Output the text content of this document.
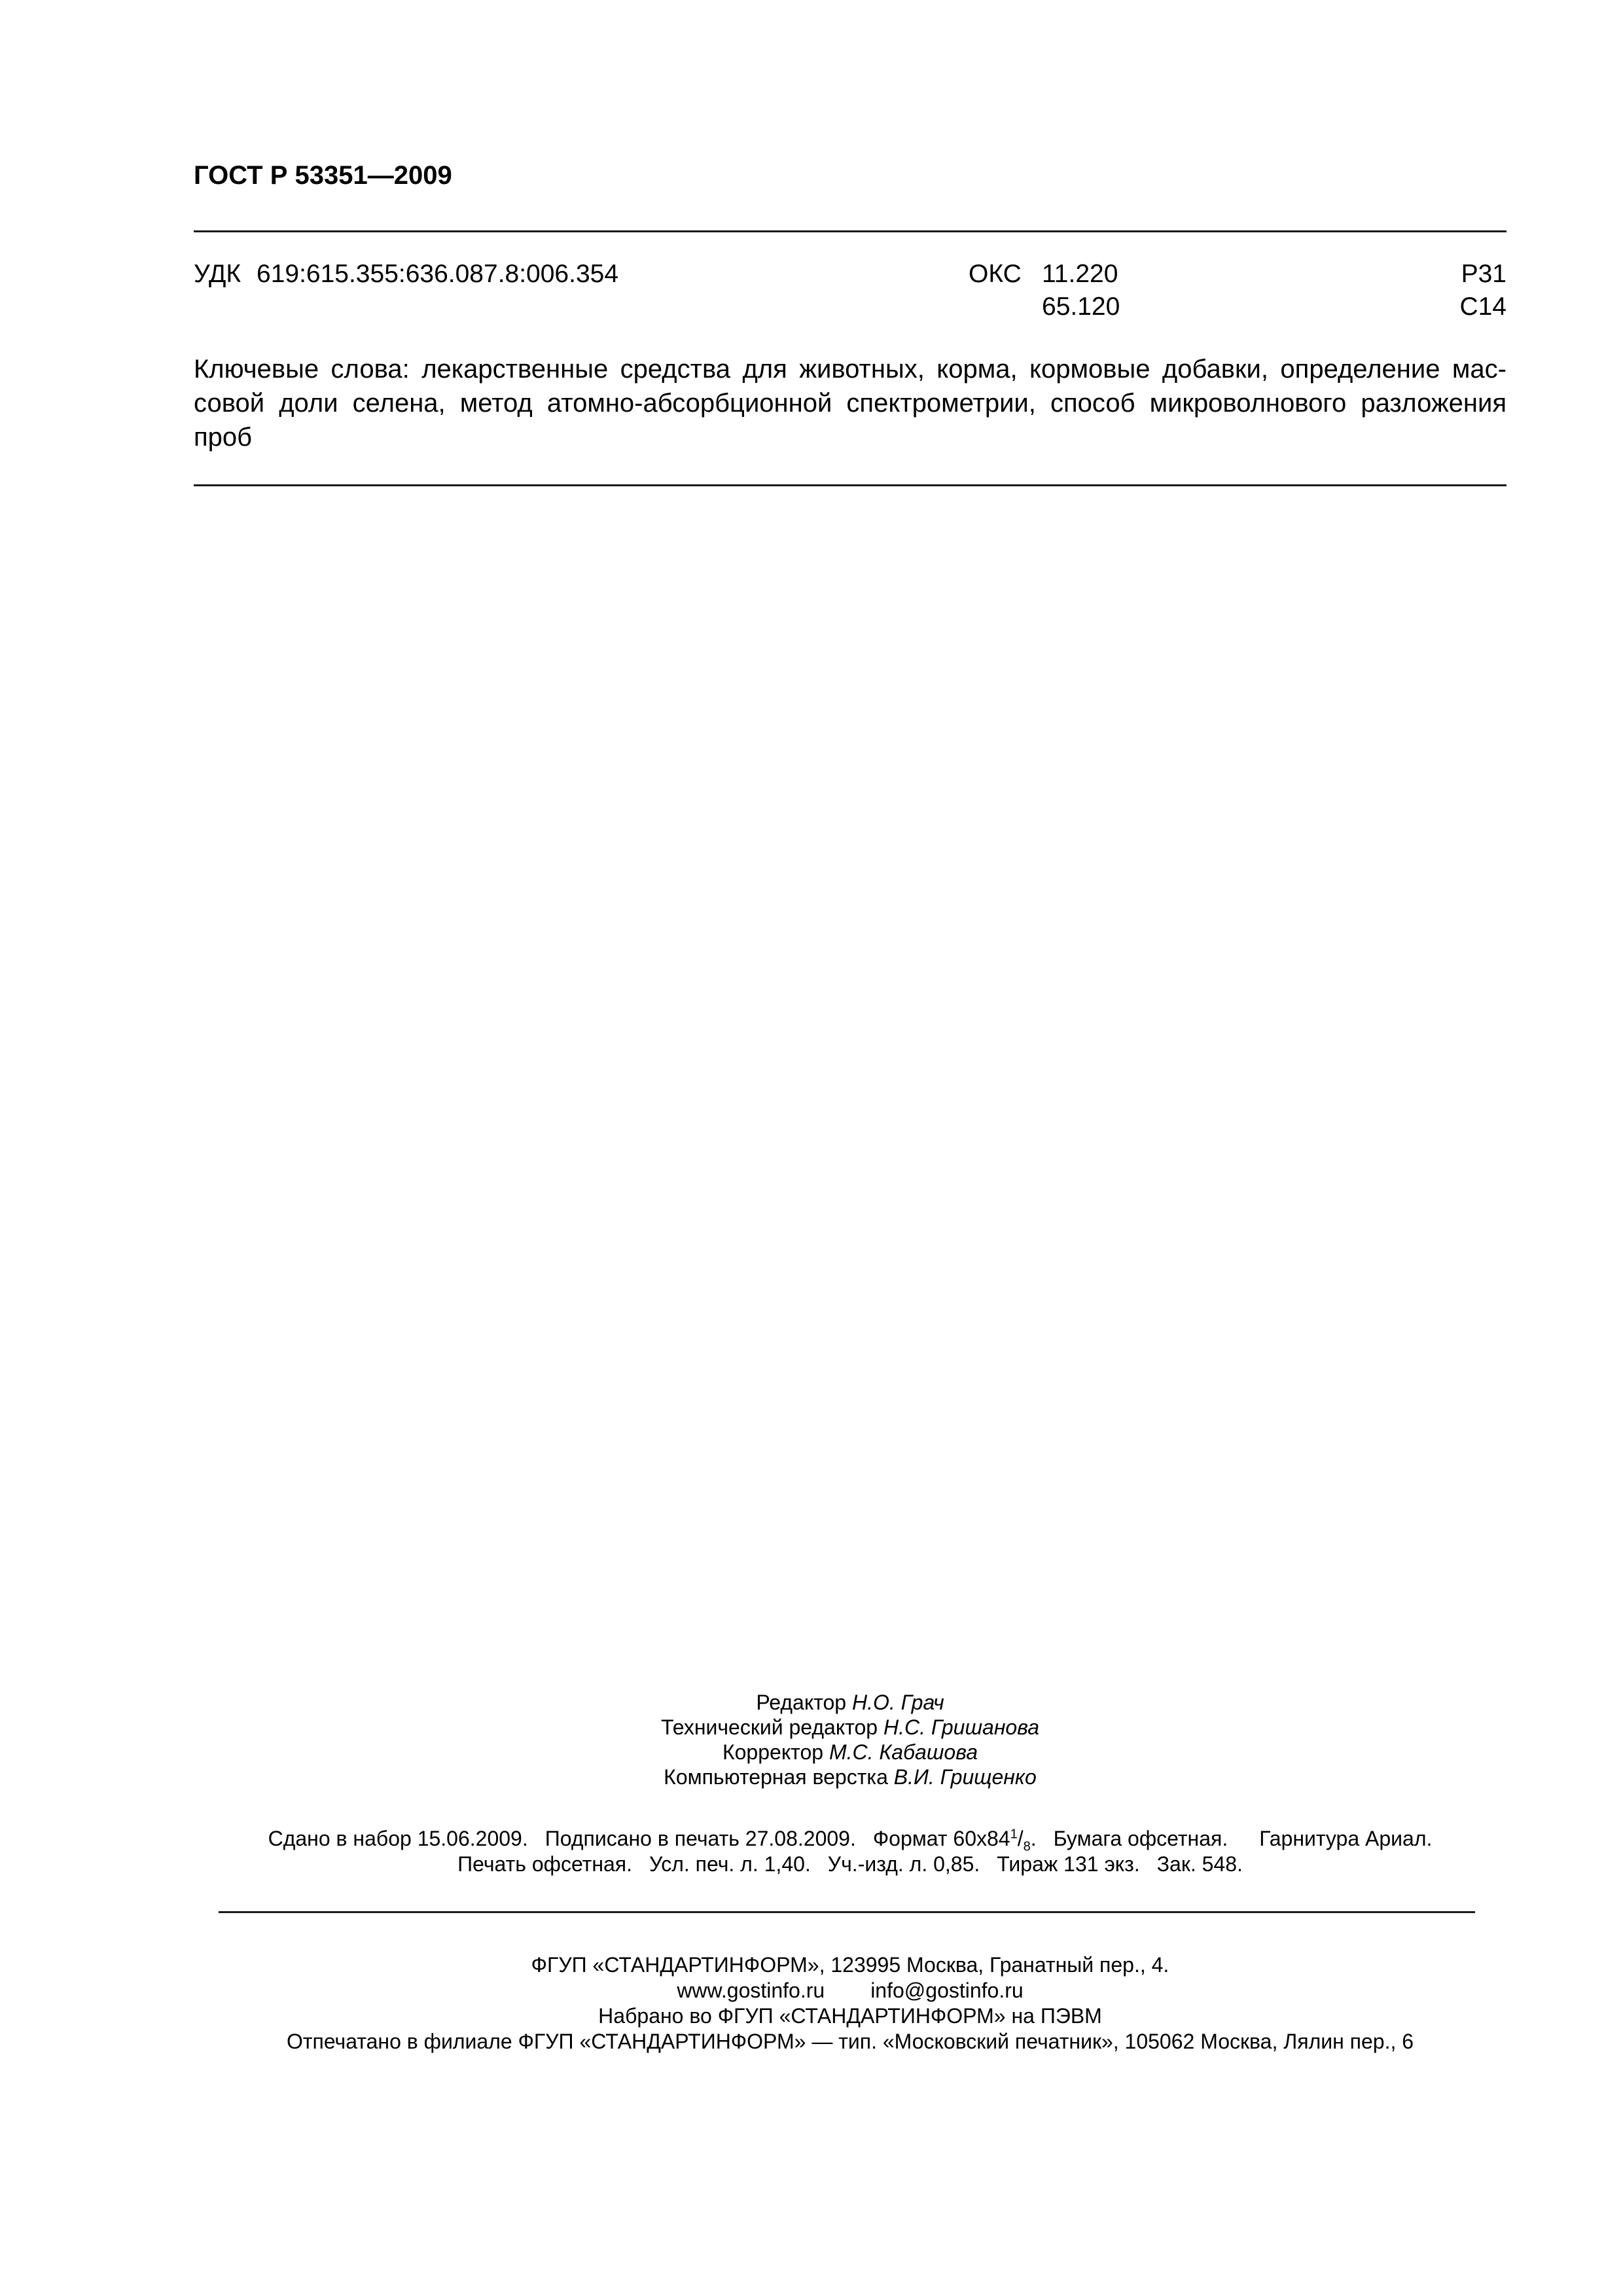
ГОСТ Р 53351—2009
УДК 619:615.355:636.087.8:006.354	ОКС 11.220
65.120
Р31
С14
Ключевые слова: лекарственные средства для животных, корма, кормовые добавки, определение мас-
совой доли селена, метод атомно-абсорбционной спектрометрии, способ микроволнового разложения
проб
Редактор Н.О. Грач
Технический редактор Н.С. Гришанова
Корректор М.С. Кабашова
Компьютерная верстка В.И. Грищенко
Сдано в набор 15.06.2009. Подписано в печать 27.08.2009. Формат $60x84^1/_8$. Бумага офсетная. Гарнитура Ариал.
Печать офсетная. Усл. печ. л. 1,40. Уч.-изд. л. 0,85. Тираж 131 экз. Зак. 548.
ФГУП «СТАНДАРТИНФОРМ», 123995 Москва, Гранатный пер., 4.
www.gostinfo.ru info@gostinfo.ru
Набрано во ФГУП «СТАНДАРТИНФОРМ» на ПЭВМ
Отпечатано в филиале ФГУП «СТАНДАРТИНФОРМ» — тип. «Московский печатник», 105062 Москва, Лялин пер., 6
